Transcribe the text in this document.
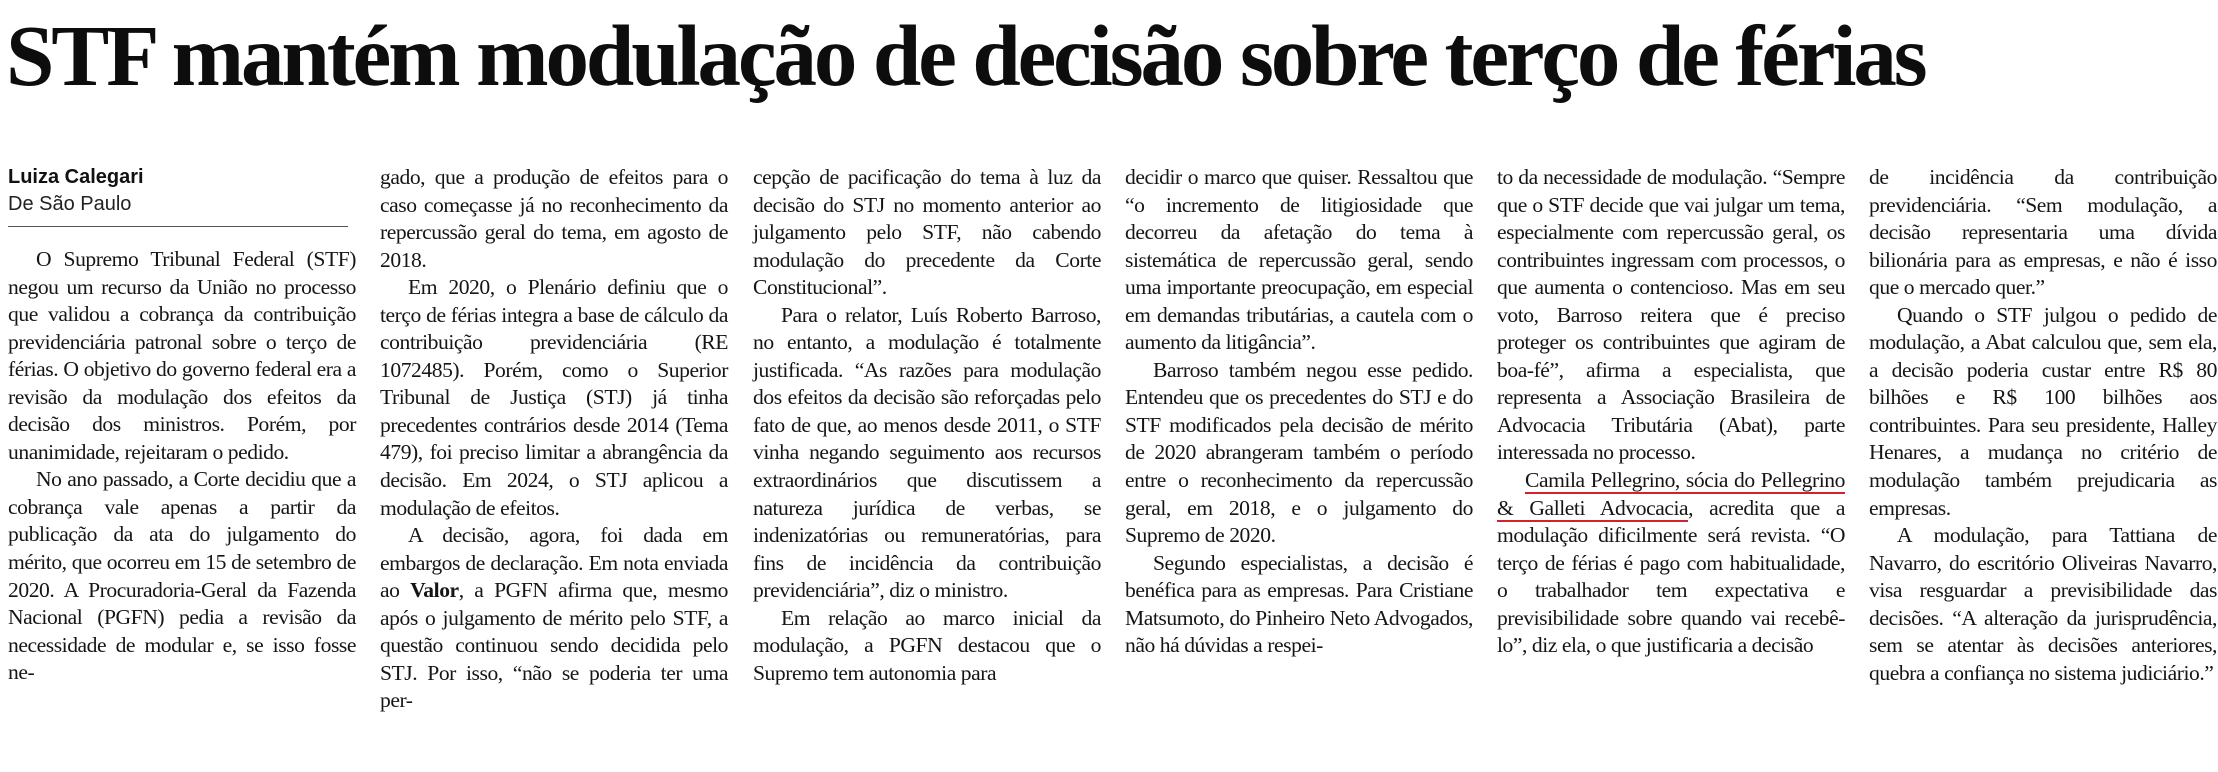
STF mantém modulação de decisão sobre terço de férias
Luiza Calegari
De São Paulo

O Supremo Tribunal Federal (STF) negou um recurso da União no processo que validou a cobrança da contribuição previdenciária patronal sobre o terço de férias. O objetivo do governo federal era a revisão da modulação dos efeitos da decisão dos ministros. Porém, por unanimidade, rejeitaram o pedido.

No ano passado, a Corte decidiu que a cobrança vale apenas a partir da publicação da ata do julgamento do mérito, que ocorreu em 15 de setembro de 2020. A Procuradoria-Geral da Fazenda Nacional (PGFN) pedia a revisão da necessidade de modular e, se isso fosse ne-

gado, que a produção de efeitos para o caso começasse já no reconhecimento da repercussão geral do tema, em agosto de 2018.

Em 2020, o Plenário definiu que o terço de férias integra a base de cálculo da contribuição previdenciária (RE 1072485). Porém, como o Superior Tribunal de Justiça (STJ) já tinha precedentes contrários desde 2014 (Tema 479), foi preciso limitar a abrangência da decisão. Em 2024, o STJ aplicou a modulação de efeitos.

A decisão, agora, foi dada em embargos de declaração. Em nota enviada ao Valor, a PGFN afirma que, mesmo após o julgamento de mérito pelo STF, a questão continuou sendo decidida pelo STJ. Por isso, “não se poderia ter uma per-

cepção de pacificação do tema à luz da decisão do STJ no momento anterior ao julgamento pelo STF, não cabendo modulação do precedente da Corte Constitucional”.

Para o relator, Luís Roberto Barroso, no entanto, a modulação é totalmente justificada. “As razões para modulação dos efeitos da decisão são reforçadas pelo fato de que, ao menos desde 2011, o STF vinha negando seguimento aos recursos extraordinários que discutissem a natureza jurídica de verbas, se indenizatórias ou remuneratórias, para fins de incidência da contribuição previdenciária”, diz o ministro.

Em relação ao marco inicial da modulação, a PGFN destacou que o Supremo tem autonomia para

decidir o marco que quiser. Ressaltou que “o incremento de litigiosidade que decorreu da afetação do tema à sistemática de repercussão geral, sendo uma importante preocupação, em especial em demandas tributárias, a cautela com o aumento da litigância”.

Barroso também negou esse pedido. Entendeu que os precedentes do STJ e do STF modificados pela decisão de mérito de 2020 abrangeram também o período entre o reconhecimento da repercussão geral, em 2018, e o julgamento do Supremo de 2020.

Segundo especialistas, a decisão é benéfica para as empresas. Para Cristiane Matsumoto, do Pinheiro Neto Advogados, não há dúvidas a respei-

to da necessidade de modulação. “Sempre que o STF decide que vai julgar um tema, especialmente com repercussão geral, os contribuintes ingressam com processos, o que aumenta o contencioso. Mas em seu voto, Barroso reitera que é preciso proteger os contribuintes que agiram de boa-fé”, afirma a especialista, que representa a Associação Brasileira de Advocacia Tributária (Abat), parte interessada no processo.

Camila Pellegrino, sócia do Pellegrino & Galleti Advocacia, acredita que a modulação dificilmente será revista. “O terço de férias é pago com habitualidade, o trabalhador tem expectativa e previsibilidade sobre quando vai recebê-lo”, diz ela, o que justificaria a decisão

de incidência da contribuição previdenciária. “Sem modulação, a decisão representaria uma dívida bilionária para as empresas, e não é isso que o mercado quer.”

Quando o STF julgou o pedido de modulação, a Abat calculou que, sem ela, a decisão poderia custar entre R$ 80 bilhões e R$ 100 bilhões aos contribuintes. Para seu presidente, Halley Henares, a mudança no critério de modulação também prejudicaria as empresas.

A modulação, para Tattiana de Navarro, do escritório Oliveiras Navarro, visa resguardar a previsibilidade das decisões. “A alteração da jurisprudência, sem se atentar às decisões anteriores, quebra a confiança no sistema judiciário.”
